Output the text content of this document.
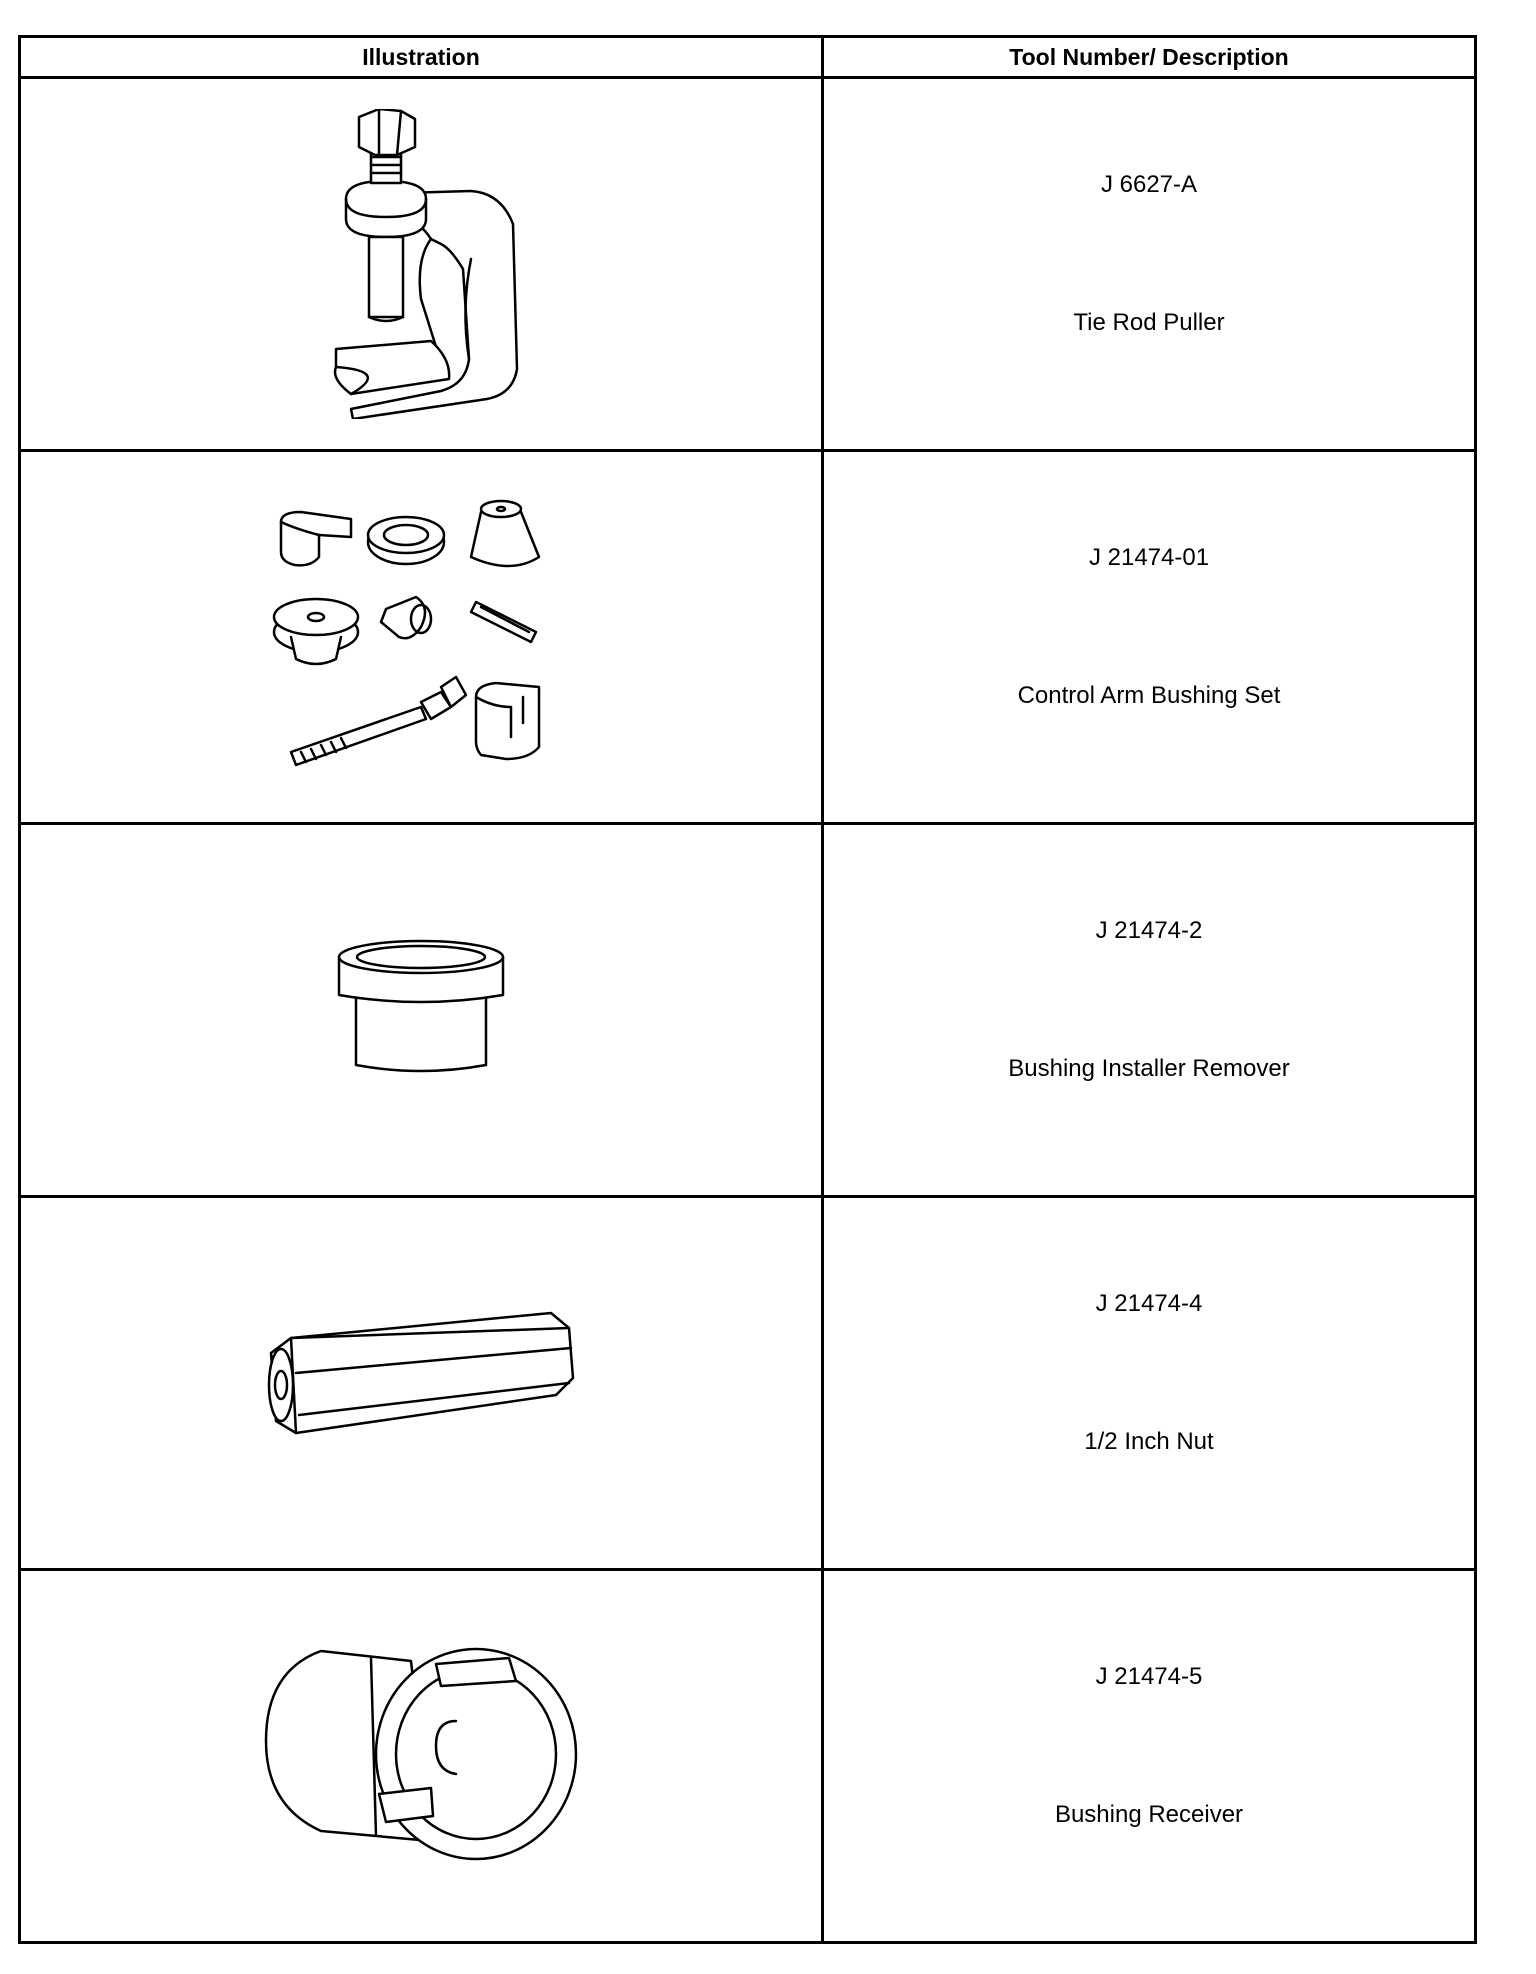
Illustration	Tool Number/ Description

J 6627-A
Tie Rod Puller

J 21474-01
Control Arm Bushing Set

J 21474-2
Bushing Installer Remover

J 21474-4
1/2 Inch Nut

J 21474-5
Bushing Receiver
